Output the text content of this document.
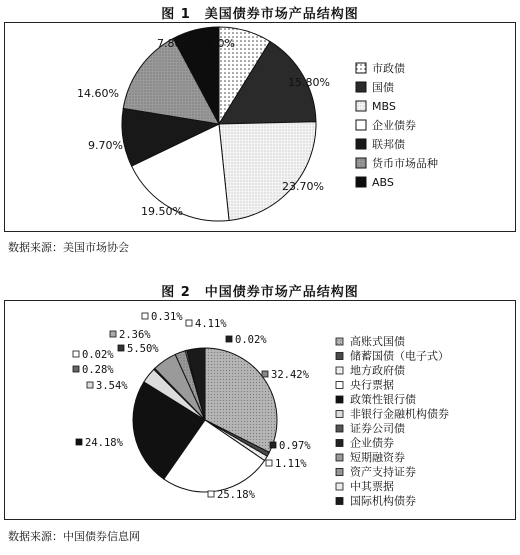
图 1　美国债券市场产品结构图
数据来源：美国市场协会
图 2　中国债券市场产品结构图
数据来源：中国债券信息网
8.80%
15.80%
23.70%
19.50%
9.70%
14.60%
7.80%
市政债
国债
MBS
企业债券
联邦债
货币市场品种
ABS
32.42%
0.97%
1.11%
25.18%
24.18%
3.54%
0.28%
0.02% 5.50%
2.36%
0.31%
4.11%
0.02%	高账式国债
储蓄国债（电子式）
地方政府债
央行票据
政策性银行债
非银行金融机构债券
证券公司债
企业债券
短期融资券
资产支持证券
中其票据
国际机构债券
